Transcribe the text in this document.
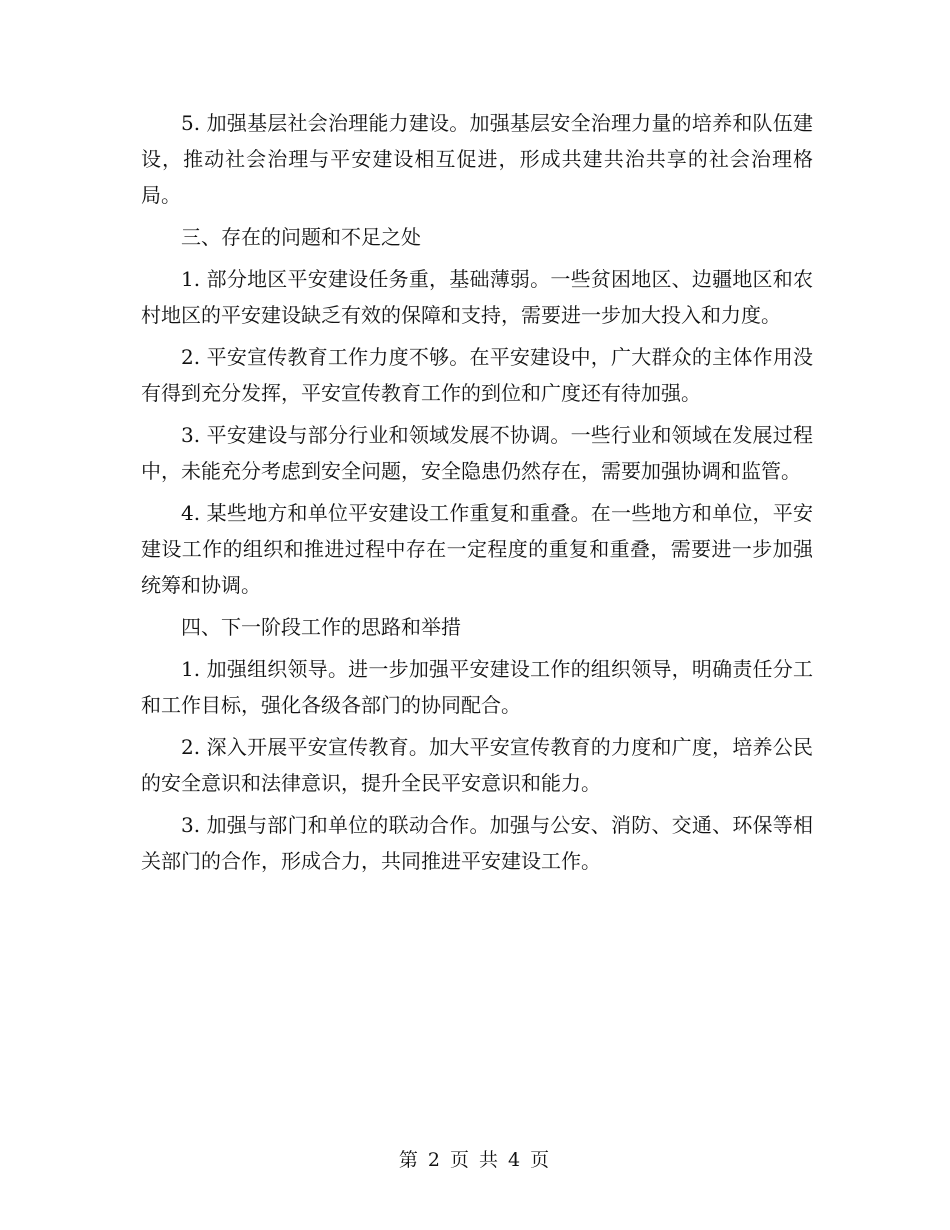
5. 加强基层社会治理能力建设。加强基层安全治理力量的培养和队伍建设，推动社会治理与平安建设相互促进，形成共建共治共享的社会治理格局。

三、存在的问题和不足之处

1. 部分地区平安建设任务重，基础薄弱。一些贫困地区、边疆地区和农村地区的平安建设缺乏有效的保障和支持，需要进一步加大投入和力度。

2. 平安宣传教育工作力度不够。在平安建设中，广大群众的主体作用没有得到充分发挥，平安宣传教育工作的到位和广度还有待加强。

3. 平安建设与部分行业和领域发展不协调。一些行业和领域在发展过程中，未能充分考虑到安全问题，安全隐患仍然存在，需要加强协调和监管。

4. 某些地方和单位平安建设工作重复和重叠。在一些地方和单位，平安建设工作的组织和推进过程中存在一定程度的重复和重叠，需要进一步加强统筹和协调。

四、下一阶段工作的思路和举措

1. 加强组织领导。进一步加强平安建设工作的组织领导，明确责任分工和工作目标，强化各级各部门的协同配合。

2. 深入开展平安宣传教育。加大平安宣传教育的力度和广度，培养公民的安全意识和法律意识，提升全民平安意识和能力。

3. 加强与部门和单位的联动合作。加强与公安、消防、交通、环保等相关部门的合作，形成合力，共同推进平安建设工作。

第 2 页 共 4 页
